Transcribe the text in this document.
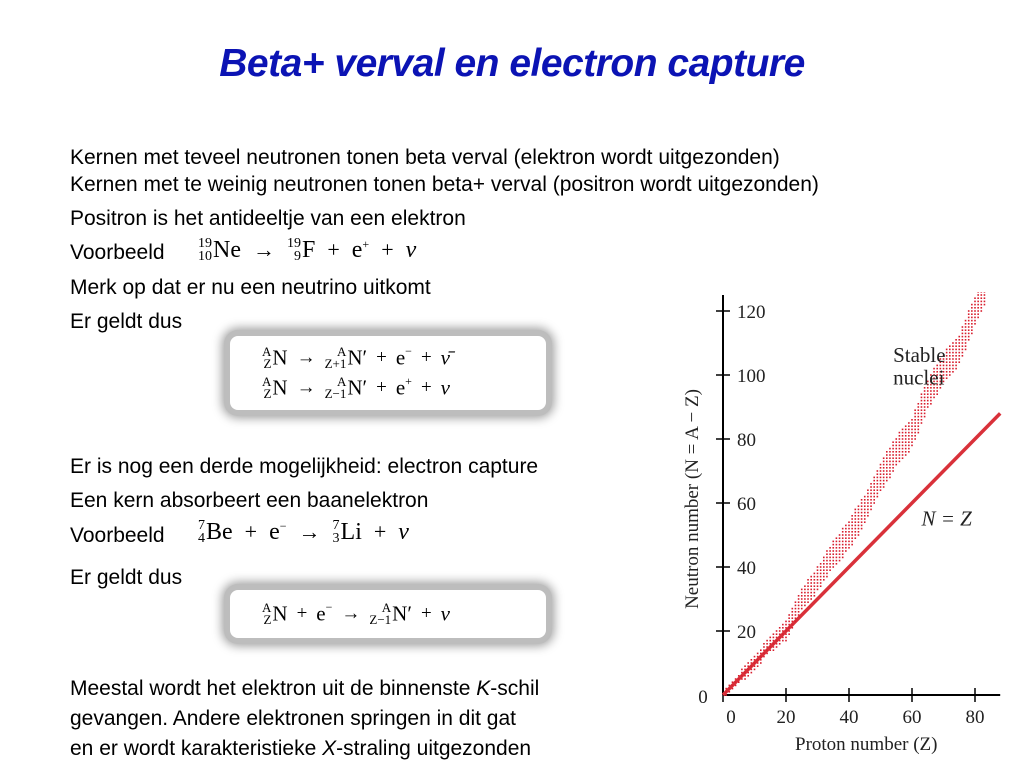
Beta+ verval en electron capture
Kernen met teveel neutronen tonen beta verval (elektron wordt uitgezonden)
Kernen met te weinig neutronen tonen beta+ verval (positron wordt uitgezonden)
Positron is het antideeltje van een elektron
Voorbeeld 19
10 Ne → 19
9 F + e+ + ν
Merk op dat er nu een neutrino uitkomt
Er geldt dus
A
Z N → A
Z+1 N′ + e− + ν̄
A
Z N → A
Z−1 N′ + e+ + ν
Er is nog een derde mogelijkheid: electron capture
Een kern absorbeert een baanelektron
Voorbeeld 7
4 Be + e− → 7
3 Li + ν
Er geldt dus
A
Z N + e− → A
Z−1 N′ + ν
Meestal wordt het elektron uit de binnenste K-schil
gevangen. Andere elektronen springen in dit gat
en er wordt karakteristieke X-straling uitgezonden
0 20 40 60 80
20
40
60
80
100
120
0
Proton number (Z)
Neutron number (N = A − Z)
Stable
nuclei
N = Z
